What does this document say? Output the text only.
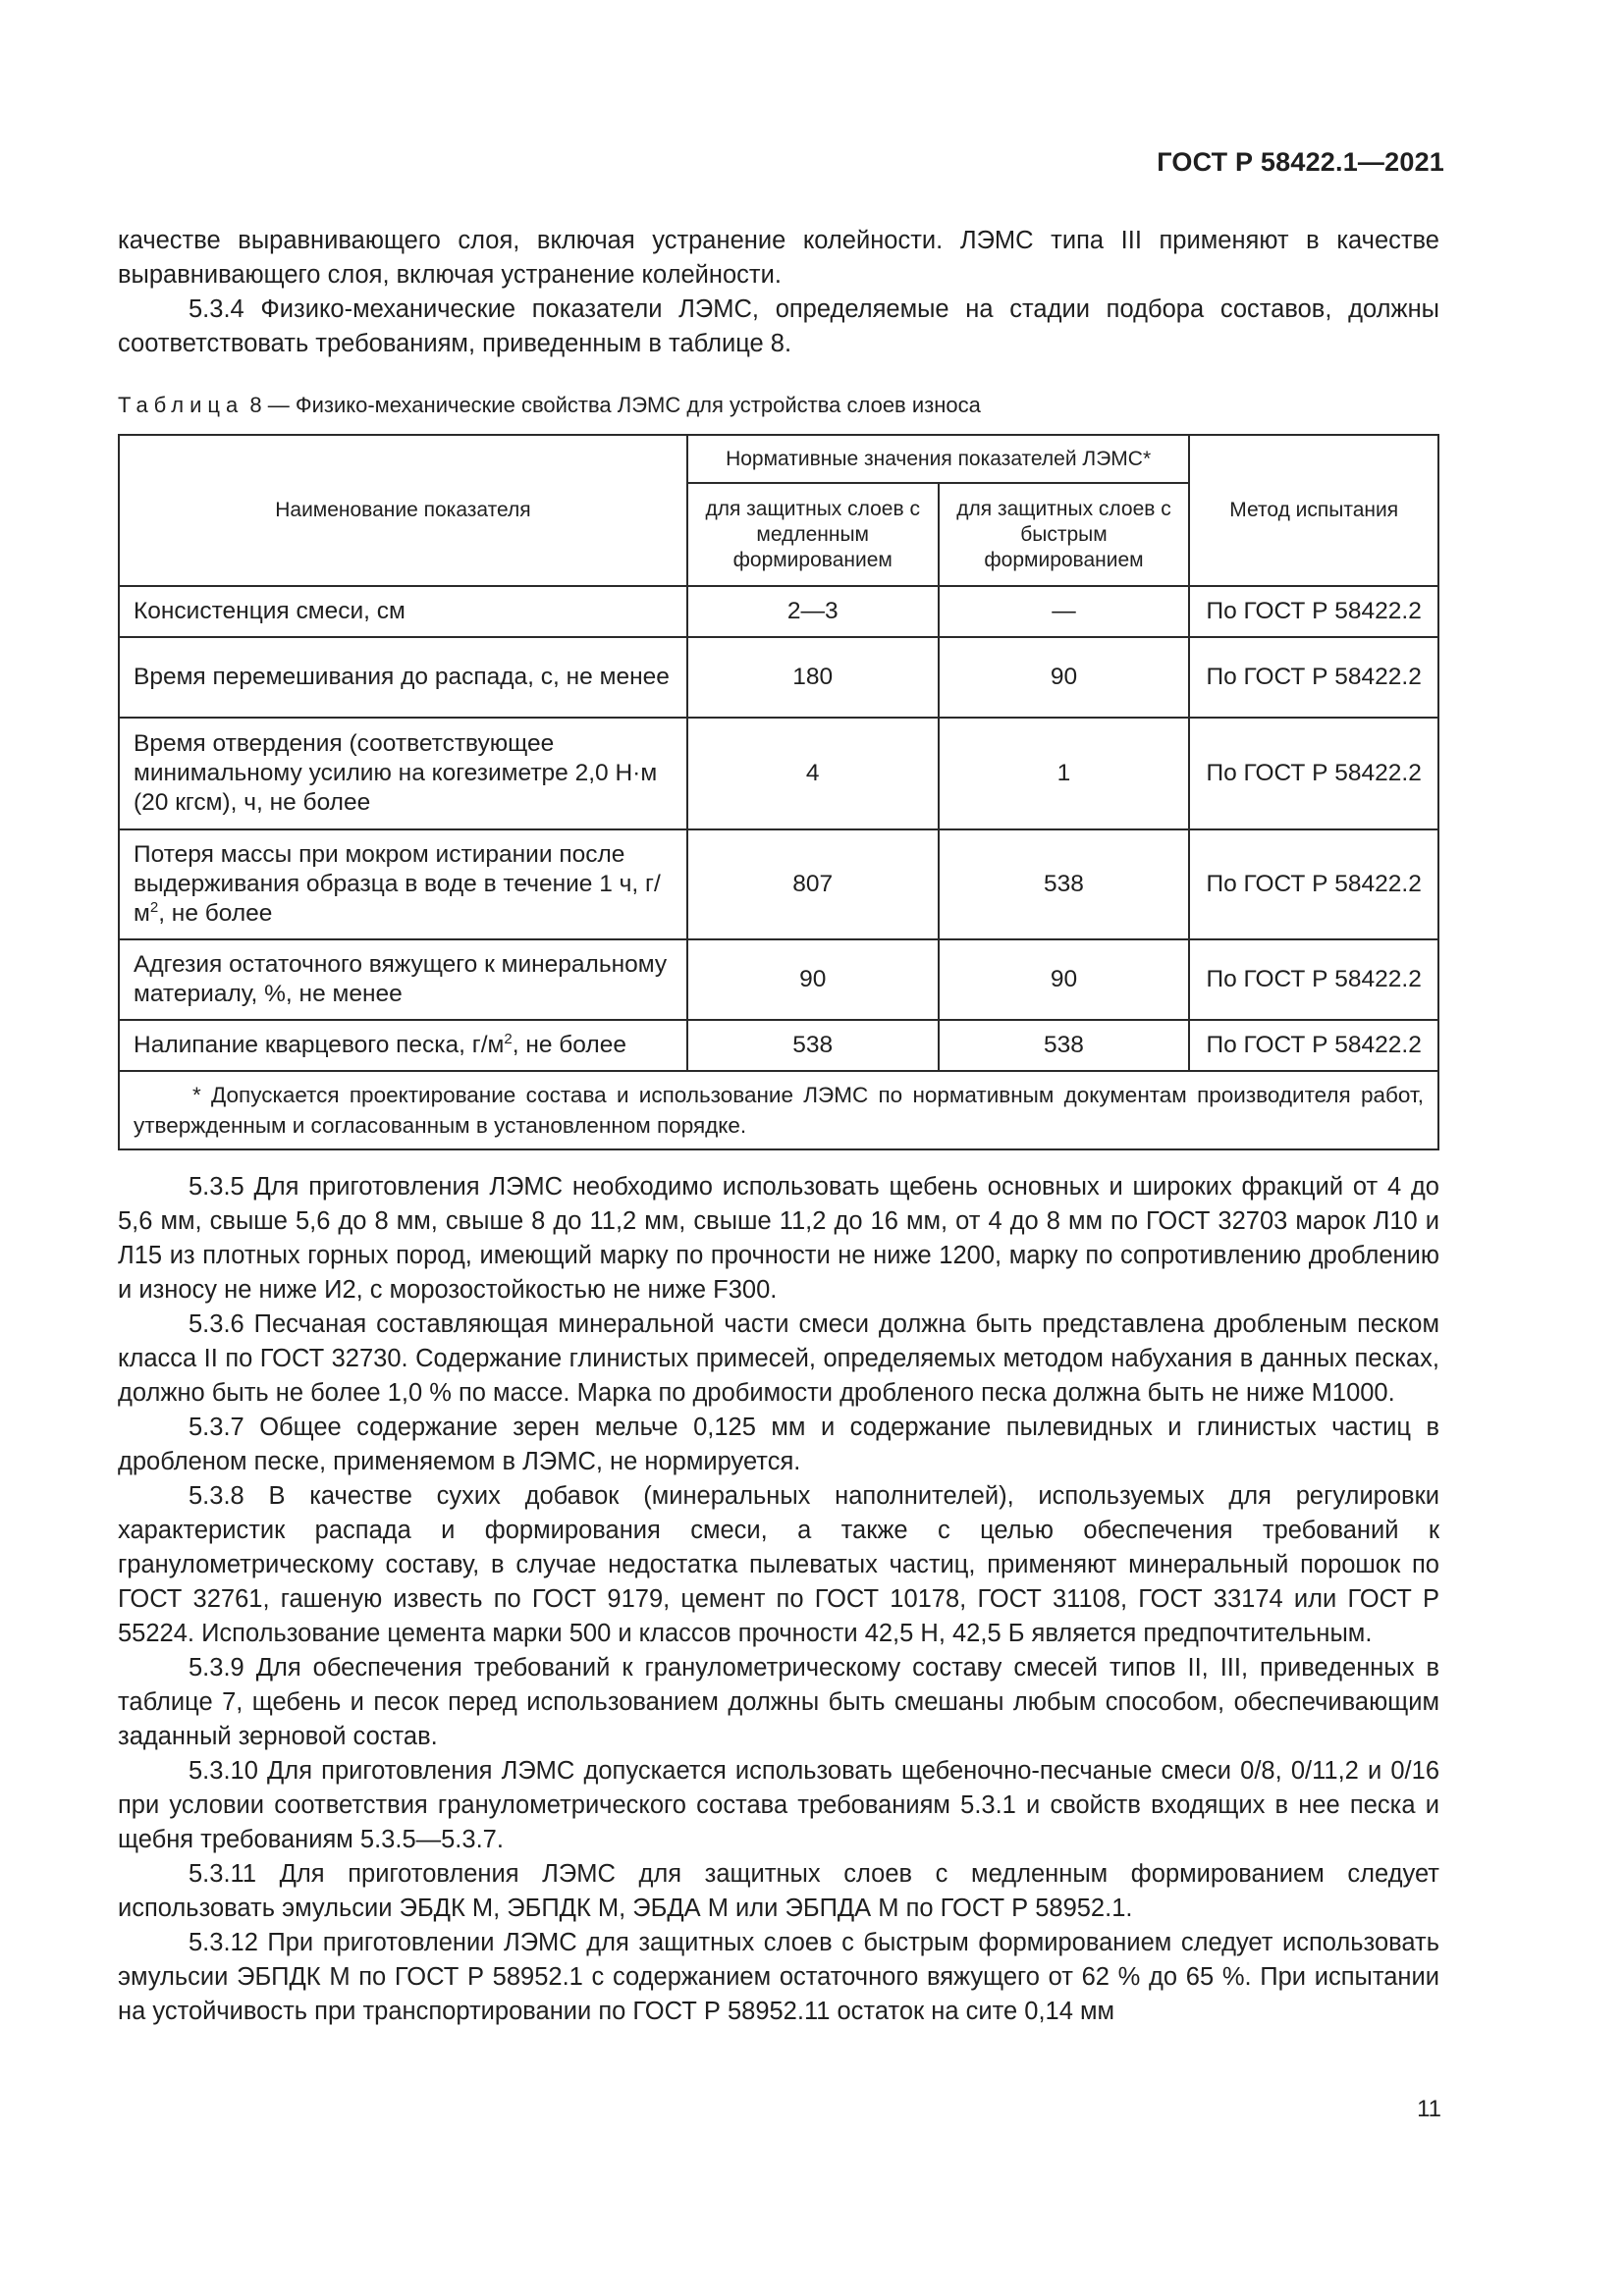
ГОСТ Р 58422.1—2021

качестве выравнивающего слоя, включая устранение колейности. ЛЭМС типа III применяют в качестве выравнивающего слоя, включая устранение колейности.

5.3.4 Физико-механические показатели ЛЭМС, определяемые на стадии подбора составов, должны соответствовать требованиям, приведенным в таблице 8.

Таблица 8 — Физико-механические свойства ЛЭМС для устройства слоев износа
Наименование показателя	Нормативные значения показателей ЛЭМС*		Метод испытания
	для защитных слоев с медленным формированием	для защитных слоев с быстрым формированием	
Консистенция смеси, см	2—3	—	По ГОСТ Р 58422.2
Время перемешивания до распада, с, не менее	180	90	По ГОСТ Р 58422.2
Время отвердения (соответствующее минимальному усилию на когезиметре 2,0 Н·м (20 кгсм), ч, не более	4	1	По ГОСТ Р 58422.2
Потеря массы при мокром истирании после выдерживания образца в воде в течение 1 ч, $г/м^2$, не более	807	538	По ГОСТ Р 58422.2
Адгезия остаточного вяжущего к минеральному материалу, %, не менее	90	90	По ГОСТ Р 58422.2
Налипание кварцевого песка, $г/м^2$, не более	538	538	По ГОСТ Р 58422.2
* Допускается проектирование состава и использование ЛЭМС по нормативным документам производителя работ, утвержденным и согласованным в установленном порядке.			

5.3.5 Для приготовления ЛЭМС необходимо использовать щебень основных и широких фракций от 4 до 5,6 мм, свыше 5,6 до 8 мм, свыше 8 до 11,2 мм, свыше 11,2 до 16 мм, от 4 до 8 мм по ГОСТ 32703 марок Л10 и Л15 из плотных горных пород, имеющий марку по прочности не ниже 1200, марку по сопротивлению дроблению и износу не ниже И2, с морозостойкостью не ниже F300.

5.3.6 Песчаная составляющая минеральной части смеси должна быть представлена дробленым песком класса II по ГОСТ 32730. Содержание глинистых примесей, определяемых методом набухания в данных песках, должно быть не более 1,0 % по массе. Марка по дробимости дробленого песка должна быть не ниже М1000.

5.3.7 Общее содержание зерен мельче 0,125 мм и содержание пылевидных и глинистых частиц в дробленом песке, применяемом в ЛЭМС, не нормируется.

5.3.8 В качестве сухих добавок (минеральных наполнителей), используемых для регулировки характеристик распада и формирования смеси, а также с целью обеспечения требований к гранулометрическому составу, в случае недостатка пылеватых частиц, применяют минеральный порошок по ГОСТ 32761, гашеную известь по ГОСТ 9179, цемент по ГОСТ 10178, ГОСТ 31108, ГОСТ 33174 или ГОСТ Р 55224. Использование цемента марки 500 и классов прочности 42,5 Н, 42,5 Б является предпочтительным.

5.3.9 Для обеспечения требований к гранулометрическому составу смесей типов II, III, приведенных в таблице 7, щебень и песок перед использованием должны быть смешаны любым способом, обеспечивающим заданный зерновой состав.

5.3.10 Для приготовления ЛЭМС допускается использовать щебеночно-песчаные смеси 0/8, 0/11,2 и 0/16 при условии соответствия гранулометрического состава требованиям 5.3.1 и свойств входящих в нее песка и щебня требованиям 5.3.5—5.3.7.

5.3.11 Для приготовления ЛЭМС для защитных слоев с медленным формированием следует использовать эмульсии ЭБДК М, ЭБПДК М, ЭБДА М или ЭБПДА М по ГОСТ Р 58952.1.

5.3.12 При приготовлении ЛЭМС для защитных слоев с быстрым формированием следует использовать эмульсии ЭБПДК М по ГОСТ Р 58952.1 с содержанием остаточного вяжущего от 62 % до 65 %. При испытании на устойчивость при транспортировании по ГОСТ Р 58952.11 остаток на сите 0,14 мм

11
